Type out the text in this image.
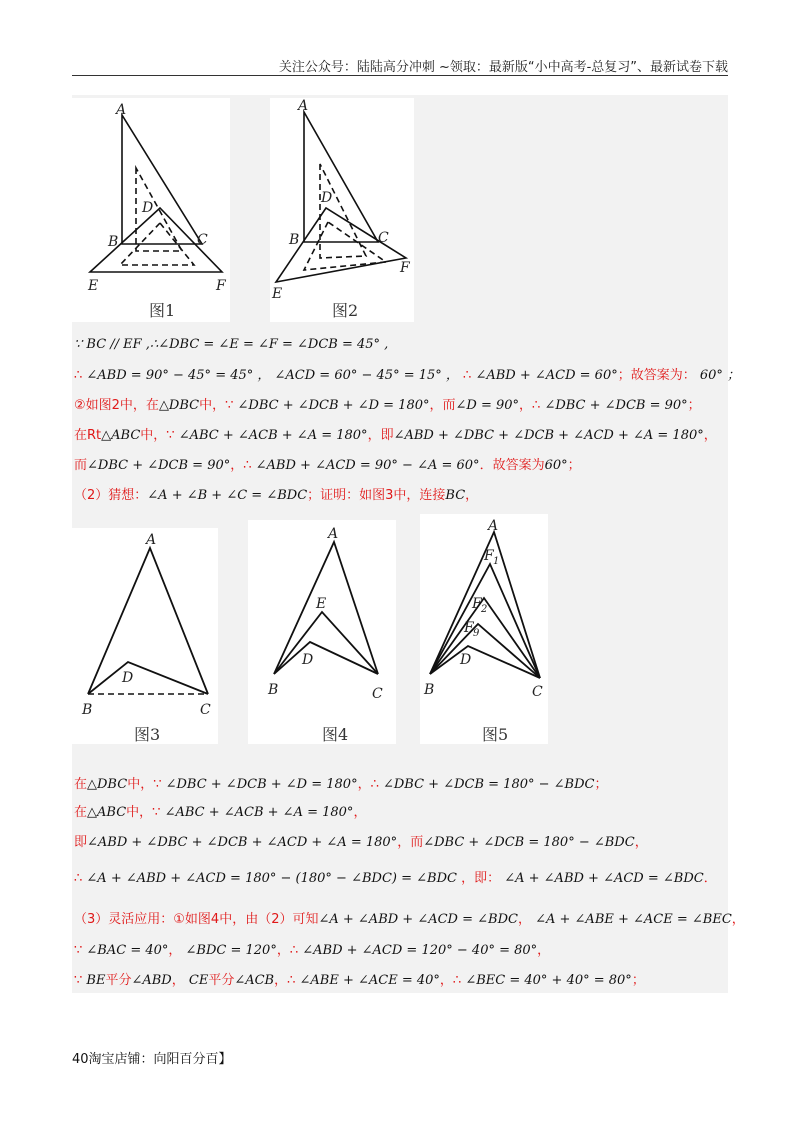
关注公众号：陆陆高分冲刺 ~领取：最新版“小中高考-总复习”、最新试卷下载
A
B	C
D
E	F
图1
A
B	C
D
E
F
图2
∵ BC // EF ,∴∠DBC = ∠E = ∠F = ∠DCB = 45° ,
∴ ∠ABD = 90° − 45° = 45° ， ∠ACD = 60° − 45° = 15° ， ∴ ∠ABD + ∠ACD = 60°；故答案为： 60° ；
②如图2中，在△DBC中，∵ ∠DBC + ∠DCB + ∠D = 180°，而∠D = 90°，∴ ∠DBC + ∠DCB = 90°；
在Rt△ABC中，∵ ∠ABC + ∠ACB + ∠A = 180°，即∠ABD + ∠DBC + ∠DCB + ∠ACD + ∠A = 180°，
而∠DBC + ∠DCB = 90°，∴ ∠ABD + ∠ACD = 90° − ∠A = 60°．故答案为60°；
（2）猜想：∠A + ∠B + ∠C = ∠BDC；证明：如图3中，连接BC，
A
B	C
D
图3
A
B	C
D
E
图4
A
F 1
F 2
F 9
D
B	C
图5
在△DBC中，∵ ∠DBC + ∠DCB + ∠D = 180°，∴ ∠DBC + ∠DCB = 180° − ∠BDC；
在△ABC中，∵ ∠ABC + ∠ACB + ∠A = 180°，
即∠ABD + ∠DBC + ∠DCB + ∠ACD + ∠A = 180°，而∠DBC + ∠DCB = 180° − ∠BDC，
∴ ∠A + ∠ABD + ∠ACD = 180° − (180° − ∠BDC) = ∠BDC ，即： ∠A + ∠ABD + ∠ACD = ∠BDC．
（3）灵活应用：①如图4中，由（2）可知∠A + ∠ABD + ∠ACD = ∠BDC， ∠A + ∠ABE + ∠ACE = ∠BEC，
∵ ∠BAC = 40°， ∠BDC = 120°，∴ ∠ABD + ∠ACD = 120° − 40° = 80°，
∵ BE平分∠ABD， CE平分∠ACB，∴ ∠ABE + ∠ACE = 40°，∴ ∠BEC = 40° + 40° = 80°；
40淘宝店铺：向阳百分百】
